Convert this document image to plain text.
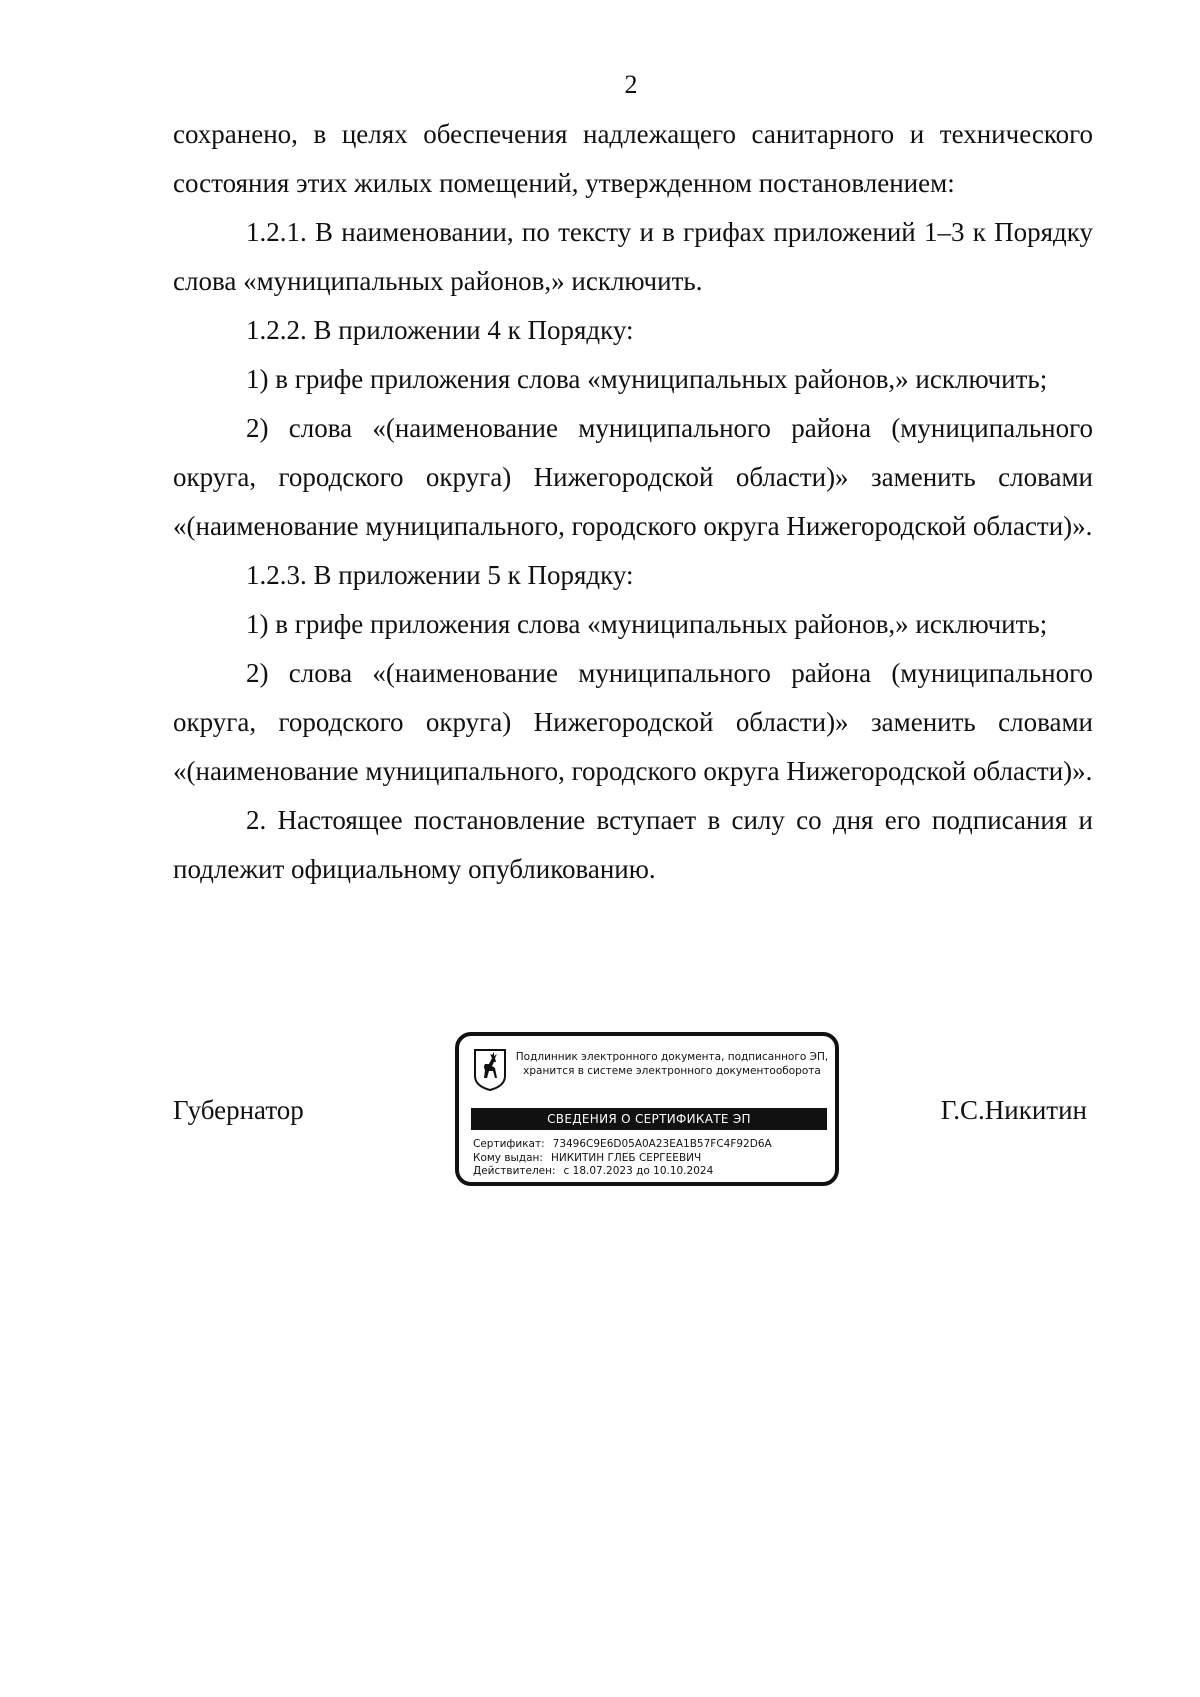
2

сохранено, в целях обеспечения надлежащего санитарного и технического состояния этих жилых помещений, утвержденном постановлением:

1.2.1. В наименовании, по тексту и в грифах приложений 1–3 к Порядку слова «муниципальных районов,» исключить.

1.2.2. В приложении 4 к Порядку:

1) в грифе приложения слова «муниципальных районов,» исключить;

2) слова «(наименование муниципального района (муниципального округа, городского округа) Нижегородской области)» заменить словами «(наименование муниципального, городского округа Нижегородской области)».

1.2.3. В приложении 5 к Порядку:

1) в грифе приложения слова «муниципальных районов,» исключить;

2) слова «(наименование муниципального района (муниципального округа, городского округа) Нижегородской области)» заменить словами «(наименование муниципального, городского округа Нижегородской области)».

2. Настоящее постановление вступает в силу со дня его подписания и подлежит официальному опубликованию.

Губернатор	Г.С.Никитин
Подлинник электронного документа, подписанного ЭП,
хранится в системе электронного документооборота
СВЕДЕНИЯ О СЕРТИФИКАТЕ ЭП
Сертификат: 73496C9E6D05A0A23EA1B57FC4F92D6A
Кому выдан: НИКИТИН ГЛЕБ СЕРГЕЕВИЧ
Действителен: с 18.07.2023 до 10.10.2024
